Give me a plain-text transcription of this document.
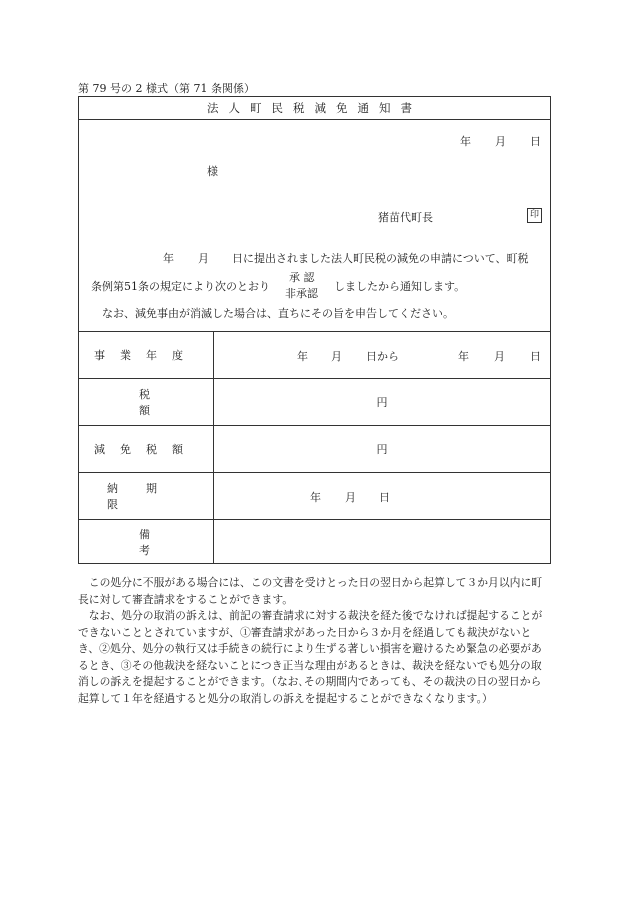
第 79 号の 2 様式（第 71 条関係）
法人町民税減免通知書
年 月 日
様
猪苗代町長	印
年 月 日に提出されました法人町民税の減免の申請について、町税
条例第51条の規定により次のとおり
承 認
非承認
しましたから通知します。
なお、減免事由が消滅した場合は、直ちにその旨を申告してください。
事業年度
税額
減免税額
納期限
備考
年 月 日から	年 月 日
円
円
年 月 日

この処分に不服がある場合には、この文書を受けとった日の翌日から起算して３か月以内に町長に対して審査請求をすることができます。

なお、処分の取消の訴えは、前記の審査請求に対する裁決を経た後でなければ提起することができないこととされていますが、①審査請求があった日から３か月を経過しても裁決がないとき、②処分、処分の執行又は手続きの続行により生ずる著しい損害を避けるため緊急の必要があるとき、③その他裁決を経ないことにつき正当な理由があるときは、裁決を経ないでも処分の取消しの訴えを提起することができます。（なお､その期間内であっても、その裁決の日の翌日から起算して１年を経過すると処分の取消しの訴えを提起することができなくなります。）
